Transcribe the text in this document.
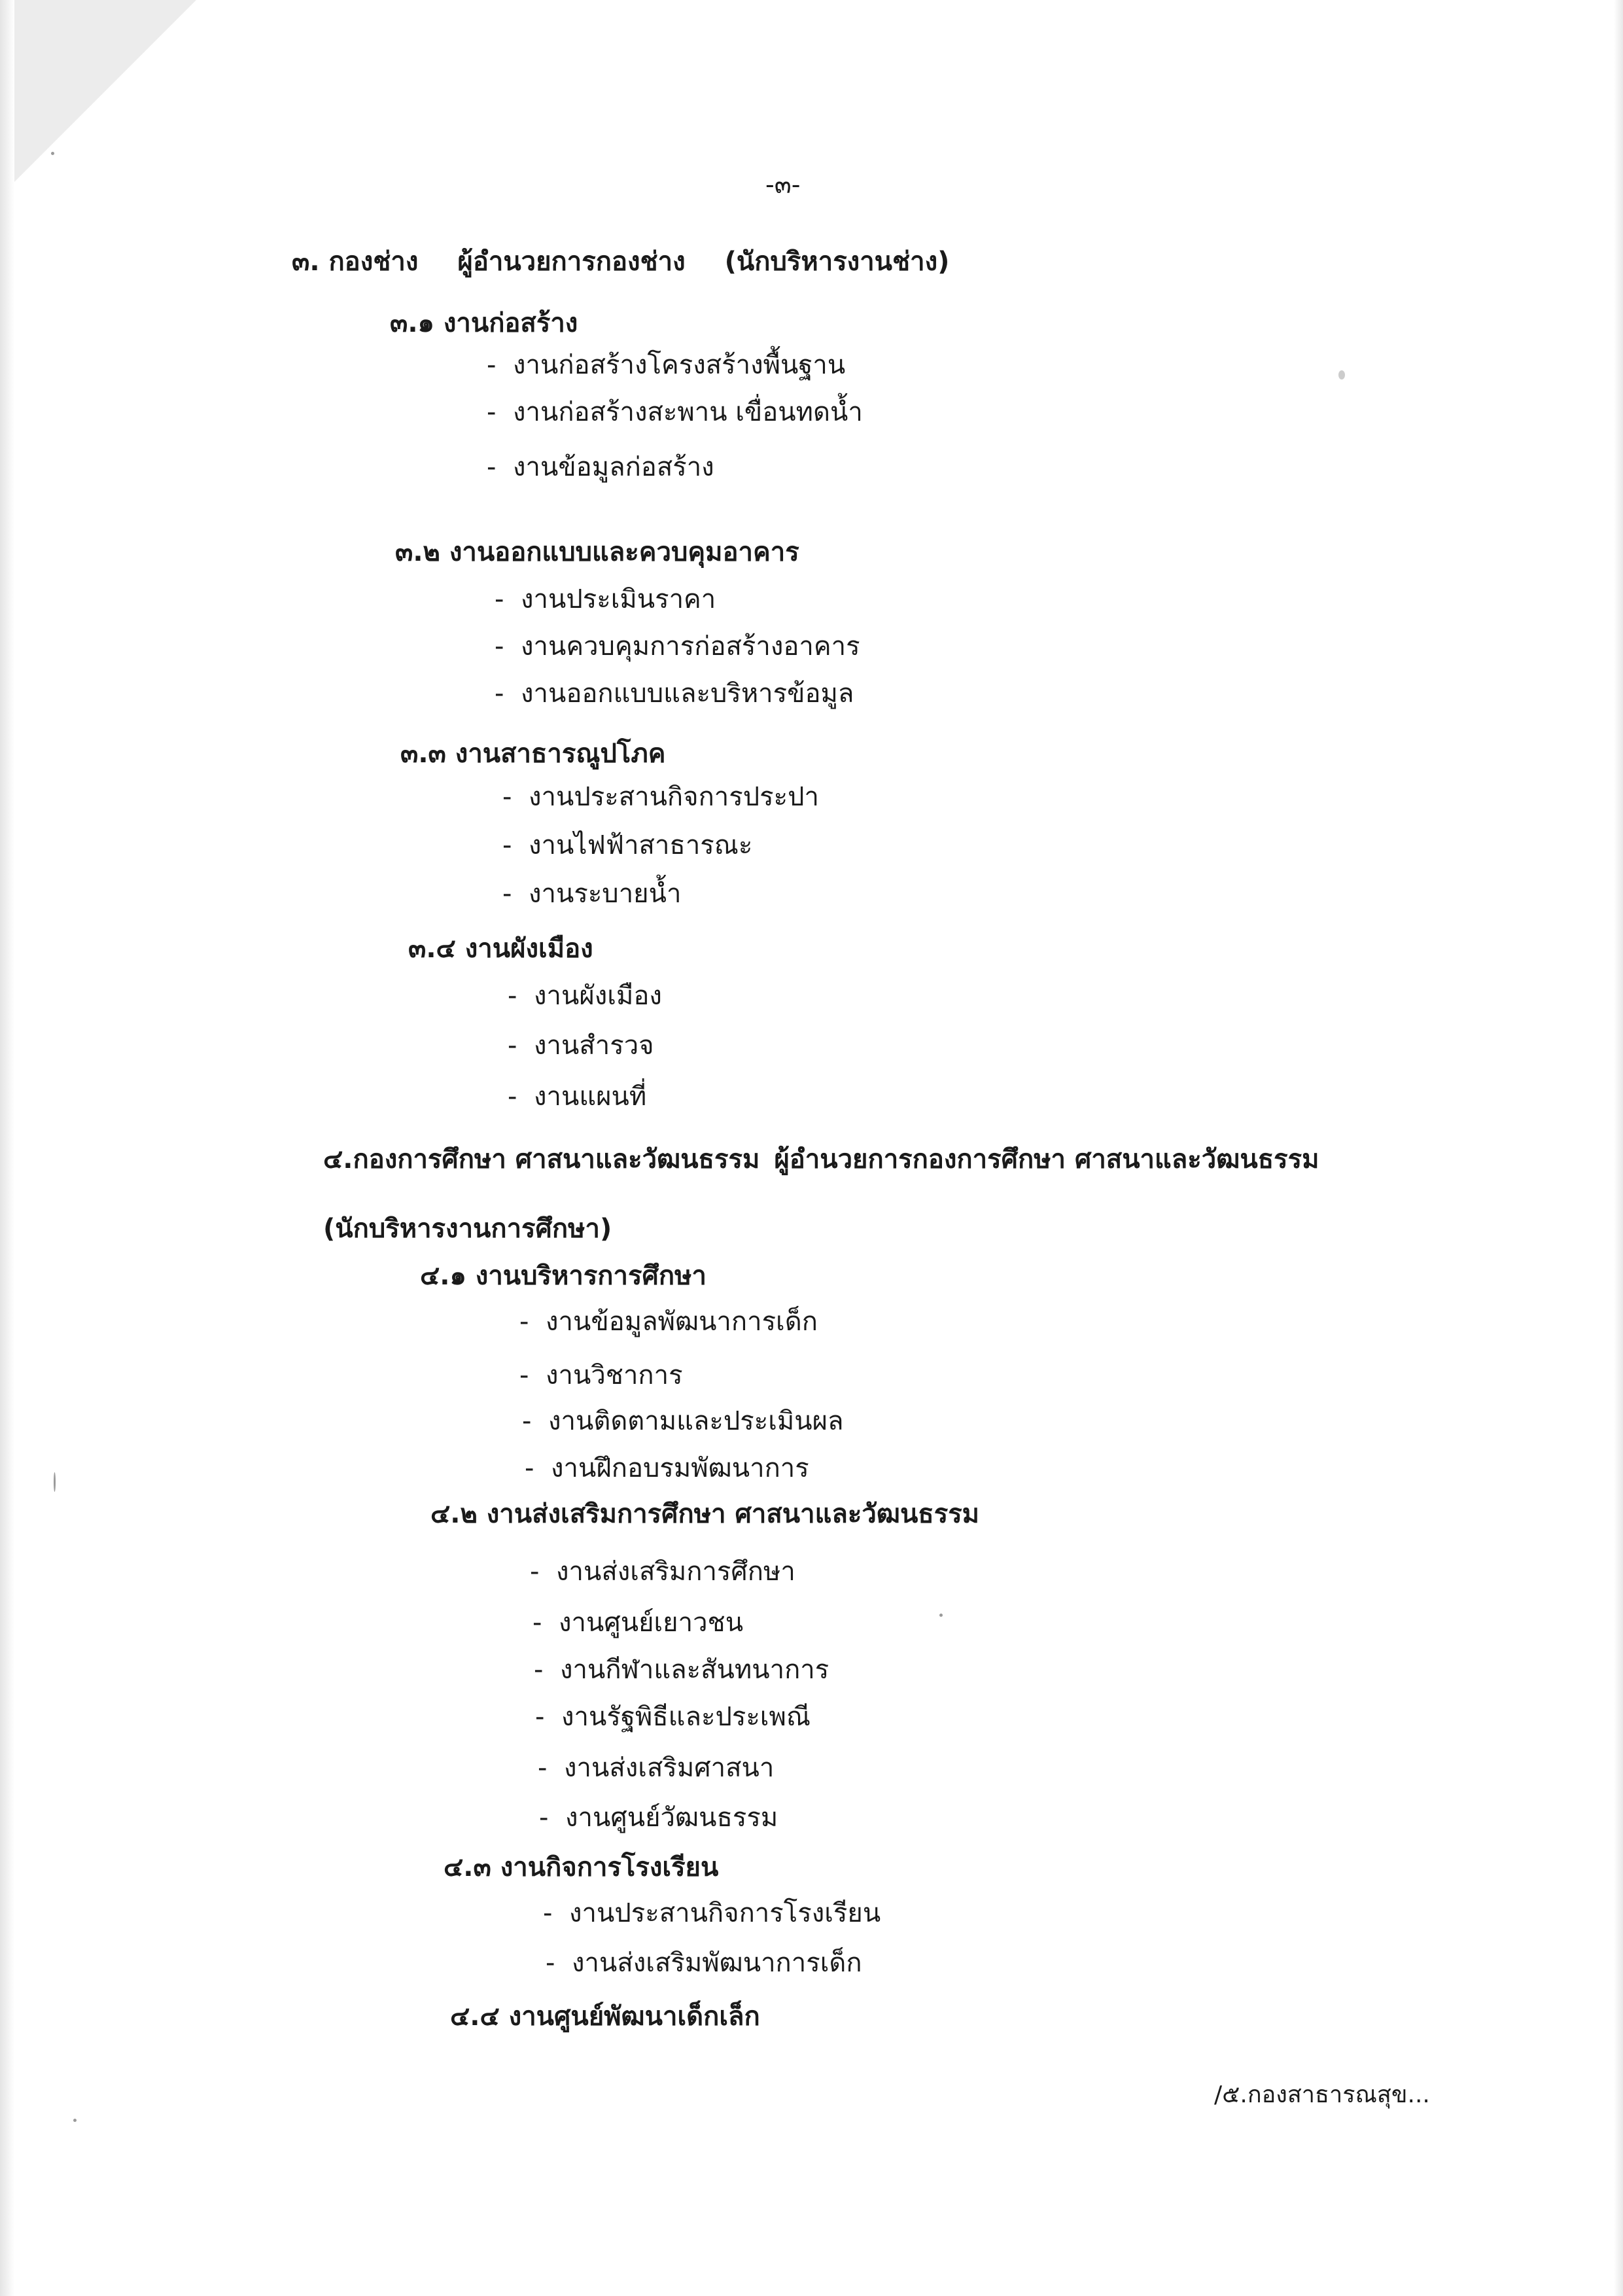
-๓-
๓. กองช่าง ผู้อำนวยการกองช่าง (นักบริหารงานช่าง)
๓.๑ งานก่อสร้าง
- งานก่อสร้างโครงสร้างพื้นฐาน
- งานก่อสร้างสะพาน เขื่อนทดน้ำ
- งานข้อมูลก่อสร้าง
๓.๒ งานออกแบบและควบคุมอาคาร
- งานประเมินราคา
- งานควบคุมการก่อสร้างอาคาร
- งานออกแบบและบริหารข้อมูล
๓.๓ งานสาธารณูปโภค
- งานประสานกิจการประปา
- งานไฟฟ้าสาธารณะ
- งานระบายน้ำ
๓.๔ งานผังเมือง
- งานผังเมือง
- งานสำรวจ
- งานแผนที่
๔.กองการศึกษา ศาสนาและวัฒนธรรม ผู้อำนวยการกองการศึกษา ศาสนาและวัฒนธรรม
(นักบริหารงานการศึกษา)
๔.๑ งานบริหารการศึกษา
- งานข้อมูลพัฒนาการเด็ก
- งานวิชาการ
- งานติดตามและประเมินผล
- งานฝึกอบรมพัฒนาการ
๔.๒ งานส่งเสริมการศึกษา ศาสนาและวัฒนธรรม
- งานส่งเสริมการศึกษา
- งานศูนย์เยาวชน
- งานกีฬาและสันทนาการ
- งานรัฐพิธีและประเพณี
- งานส่งเสริมศาสนา
- งานศูนย์วัฒนธรรม
๔.๓ งานกิจการโรงเรียน
- งานประสานกิจการโรงเรียน
- งานส่งเสริมพัฒนาการเด็ก
๔.๔ งานศูนย์พัฒนาเด็กเล็ก
/๕.กองสาธารณสุข...
